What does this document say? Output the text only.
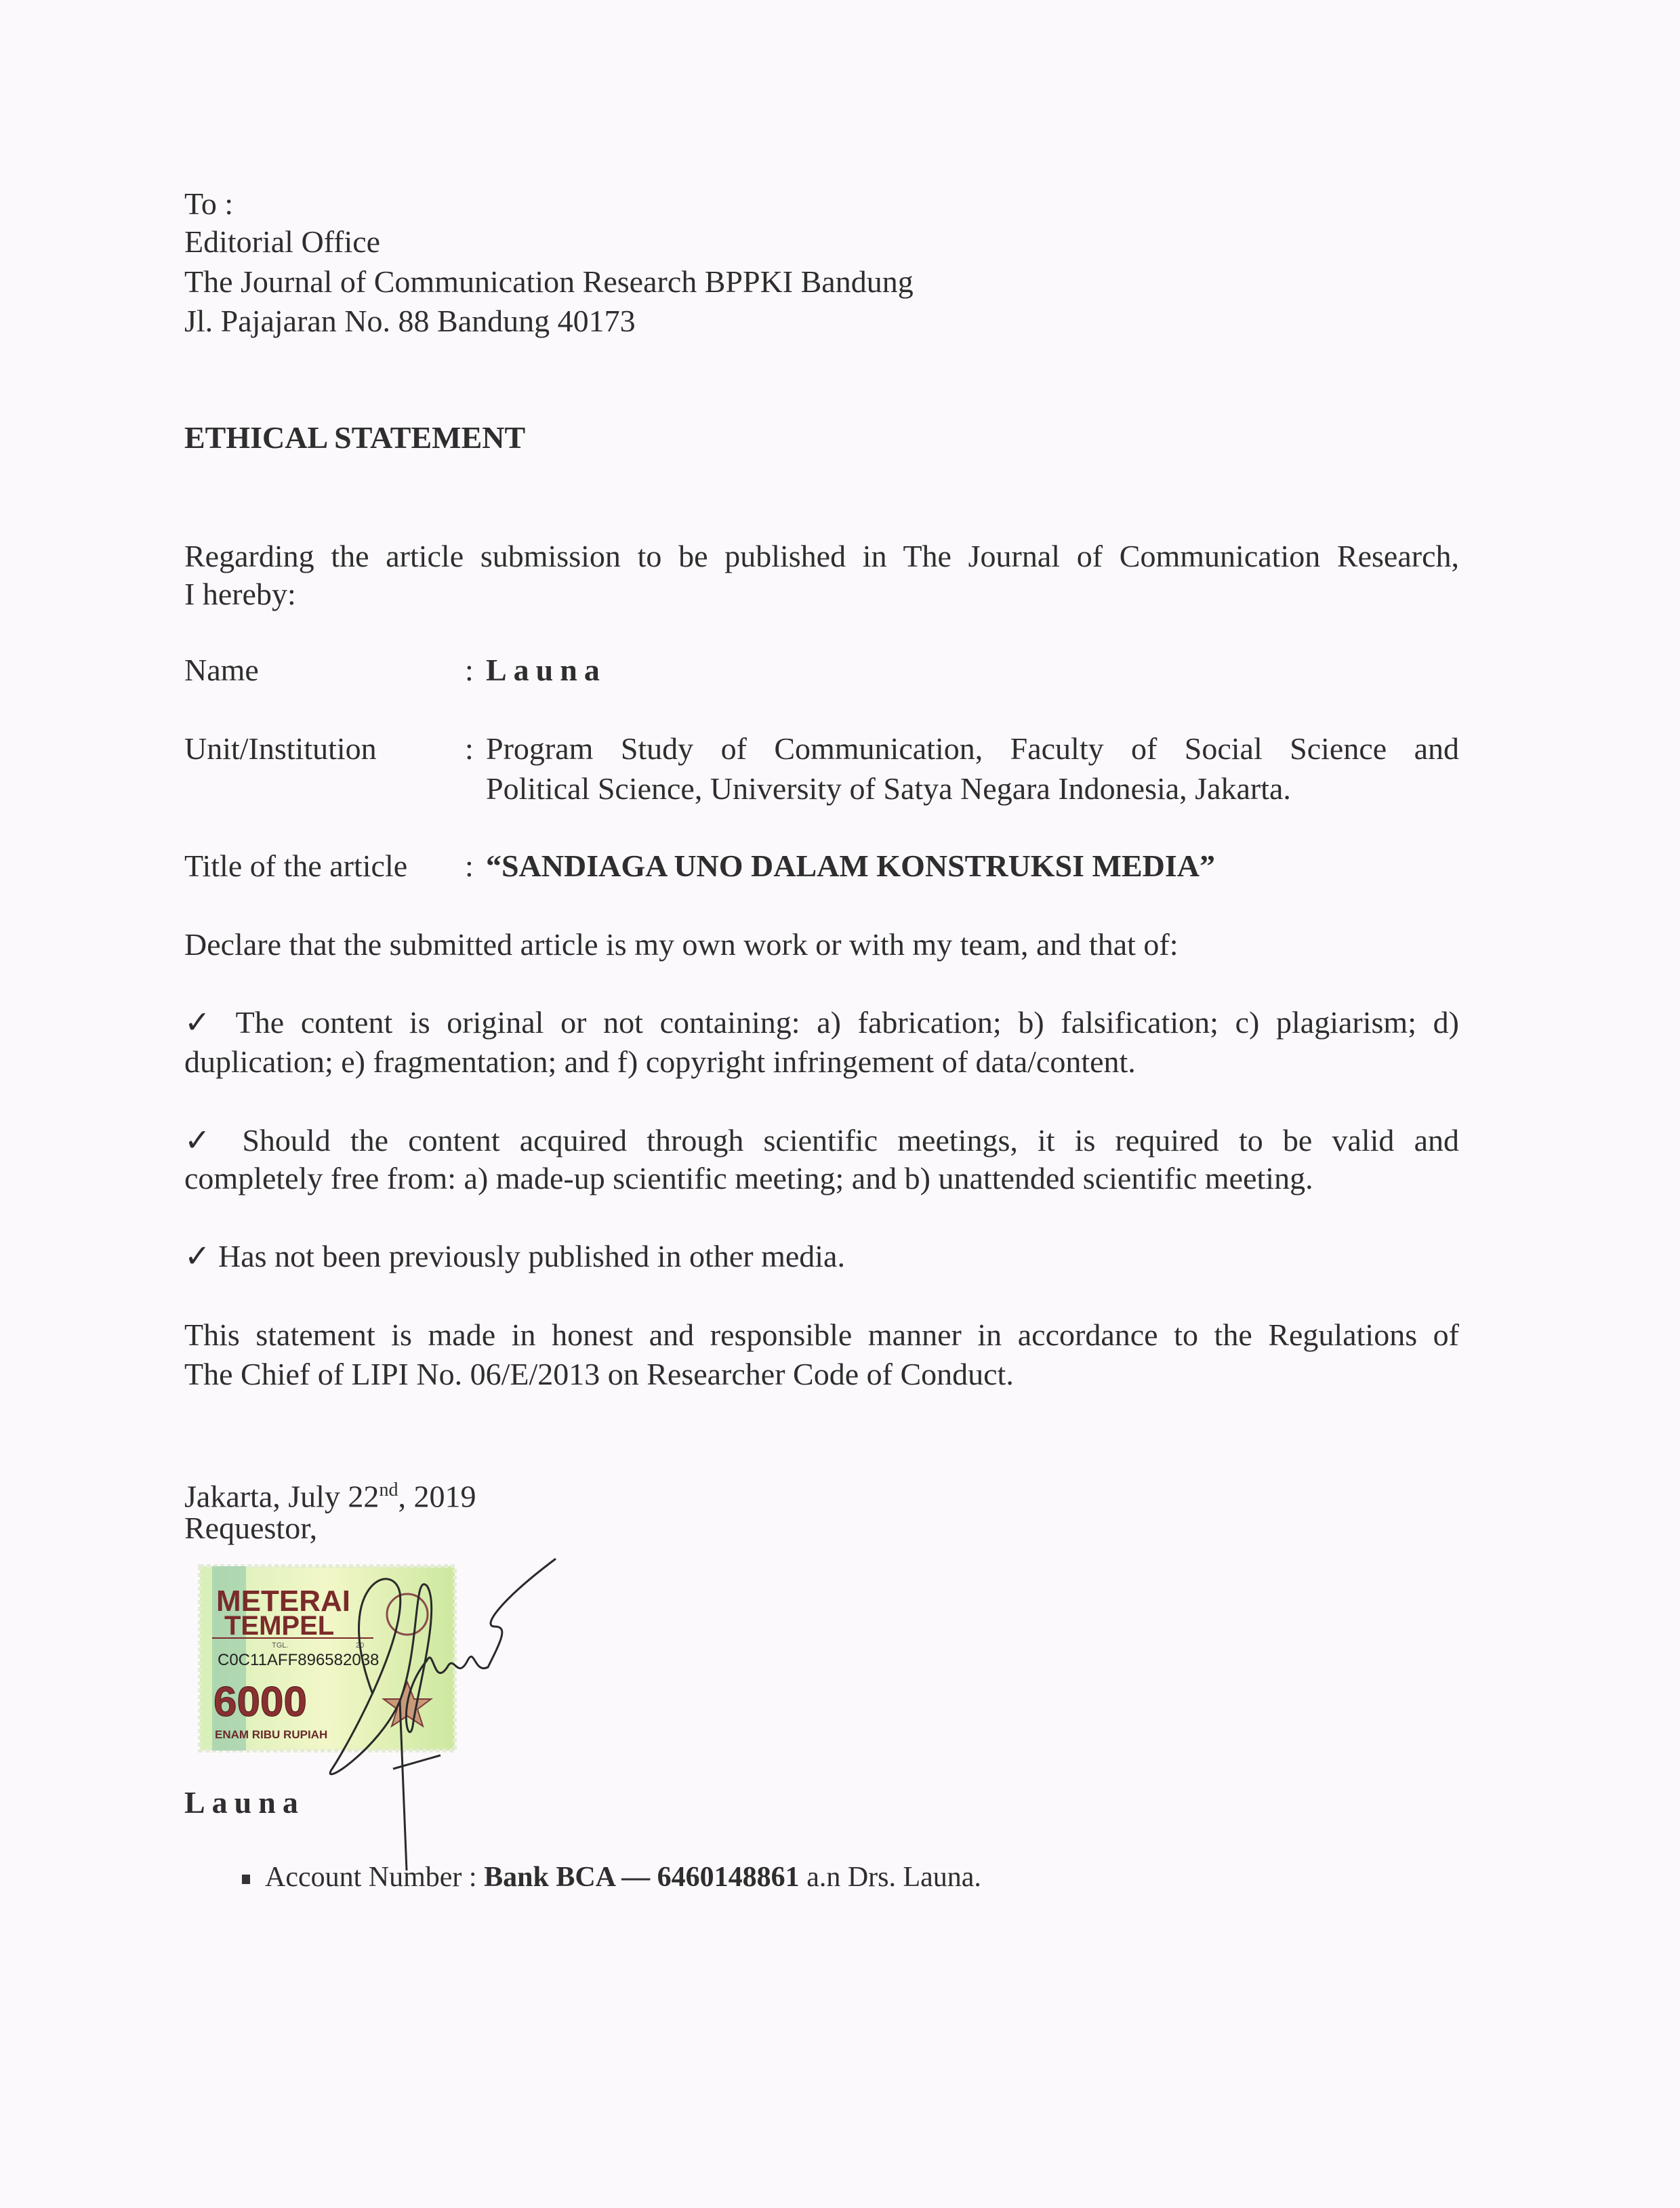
To :
Editorial Office
The Journal of Communication Research BPPKI Bandung
Jl. Pajajaran No. 88 Bandung 40173
ETHICAL STATEMENT
Regarding the article submission to be published in The Journal of Communication Research,
I hereby:
Name	: Launa
Unit/Institution	: Program Study of Communication, Faculty of Social Science and
Political Science, University of Satya Negara Indonesia, Jakarta.
Title of the article : “SANDIAGA UNO DALAM KONSTRUKSI MEDIA”
Declare that the submitted article is my own work or with my team, and that of:
✓ The content is original or not containing: a) fabrication; b) falsification; c) plagiarism; d)
duplication; e) fragmentation; and f) copyright infringement of data/content.
✓ Should the content acquired through scientific meetings, it is required to be valid and
completely free from: a) made-up scientific meeting; and b) unattended scientific meeting.
✓ Has not been previously published in other media.
This statement is made in honest and responsible manner in accordance to the Regulations of
The Chief of LIPI No. 06/E/2013 on Researcher Code of Conduct.
Jakarta, July 22nd, 2019
Requestor,
METERAI
TEMPEL
TGL.	20
C0C11AFF896582038
6000
ENAM RIBU RUPIAH
Launa
Account Number : Bank BCA — 6460148861 a.n Drs. Launa.
